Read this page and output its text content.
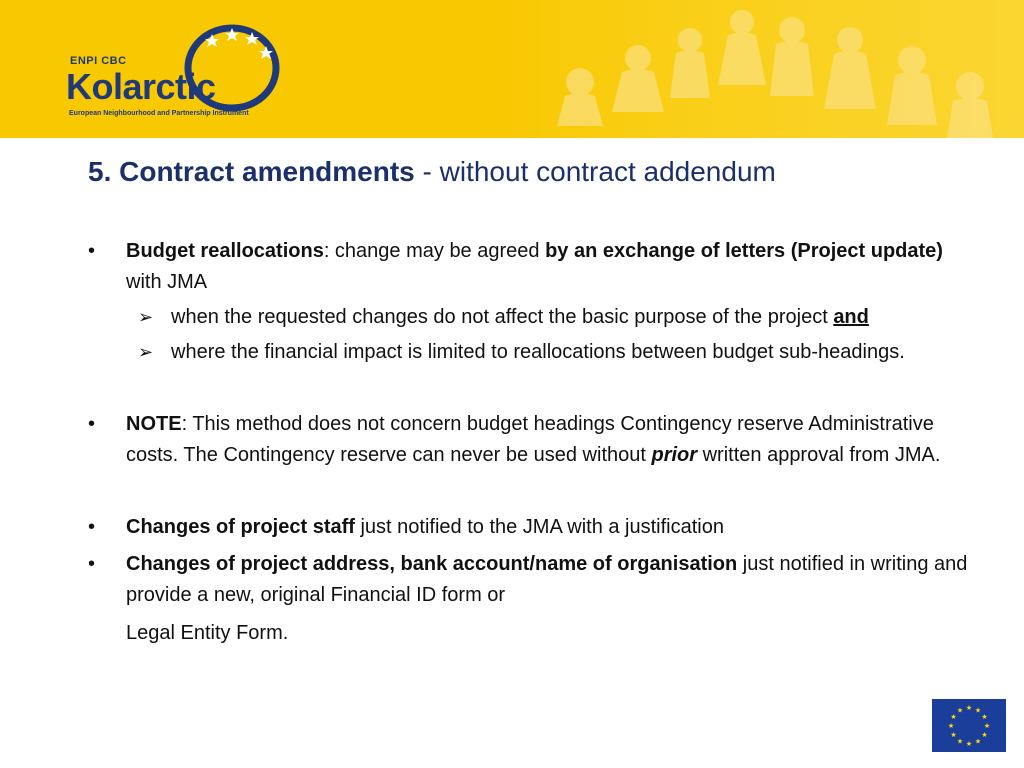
ENPI CBC
Kolarctic
European Neighbourhood and Partnership Instrument
5. Contract amendments - without contract addendum
•	Budget reallocations: change may be agreed by an exchange of letters (Project update) with JMA
➢ when the requested changes do not affect the basic purpose of the project and
➢ where the financial impact is limited to reallocations between budget sub-headings.
•	NOTE: This method does not concern budget headings Contingency reserve Administrative costs. The Contingency reserve can never be used without prior written approval from JMA.
•	Changes of project staff just notified to the JMA with a justification
•	Changes of project address, bank account/name of organisation just notified in writing and provide a new, original Financial ID form or
Legal Entity Form.
★ ★
★
★
★
★
★
★
★
★
★
★
